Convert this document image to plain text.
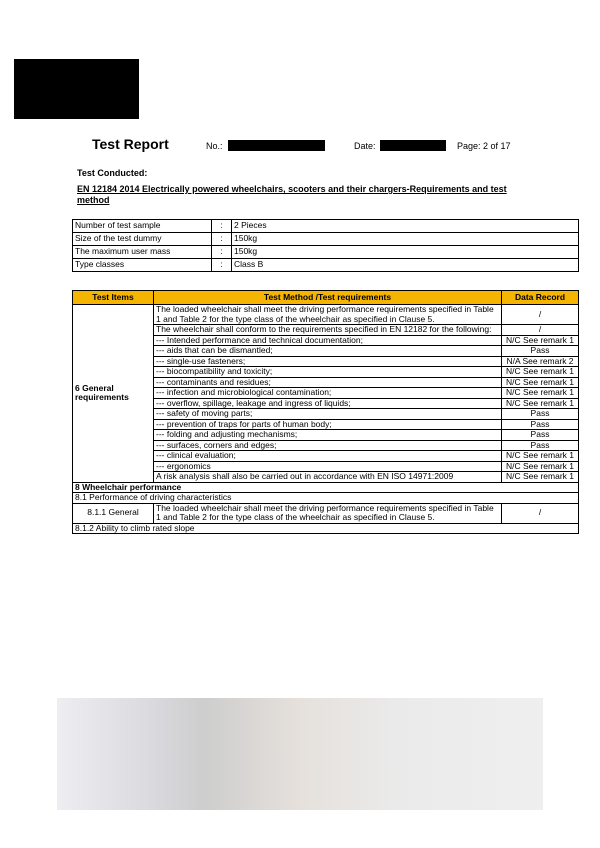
Test Report	No.:	Date:	Page: 2 of 17
Test Conducted:
EN 12184 2014 Electrically powered wheelchairs, scooters and their chargers-Requirements and test method
Number of test sample	:	2 Pieces
Size of the test dummy	:	150kg
The maximum user mass	:	150kg
Type classes	:	Class B
Test Items	Test Method /Test requirements	Data Record
6 General requirements	The loaded wheelchair shall meet the driving performance requirements specified in Table 1 and Table 2 for the type class of the wheelchair as specified in Clause 5.	/
	The wheelchair shall conform to the requirements specified in EN 12182 for the following:	/
	--- Intended performance and technical documentation;	N/C See remark 1
	--- aids that can be dismantled;	Pass
	--- single-use fasteners;	N/A See remark 2
	--- biocompatibility and toxicity;	N/C See remark 1
	--- contaminants and residues;	N/C See remark 1
	--- infection and microbiological contamination;	N/C See remark 1
	--- overflow, spillage, leakage and ingress of liquids;	N/C See remark 1
	--- safety of moving parts;	Pass
	--- prevention of traps for parts of human body;	Pass
	--- folding and adjusting mechanisms;	Pass
	--- surfaces, corners and edges;	Pass
	--- clinical evaluation;	N/C See remark 1
	--- ergonomics	N/C See remark 1
	A risk analysis shall also be carried out in accordance with EN ISO 14971:2009	N/C See remark 1
8 Wheelchair performance		
8.1 Performance of driving characteristics		
8.1.1 General	The loaded wheelchair shall meet the driving performance requirements specified in Table 1 and Table 2 for the type class of the wheelchair as specified in Clause 5.	/
8.1.2 Ability to climb rated slope		
